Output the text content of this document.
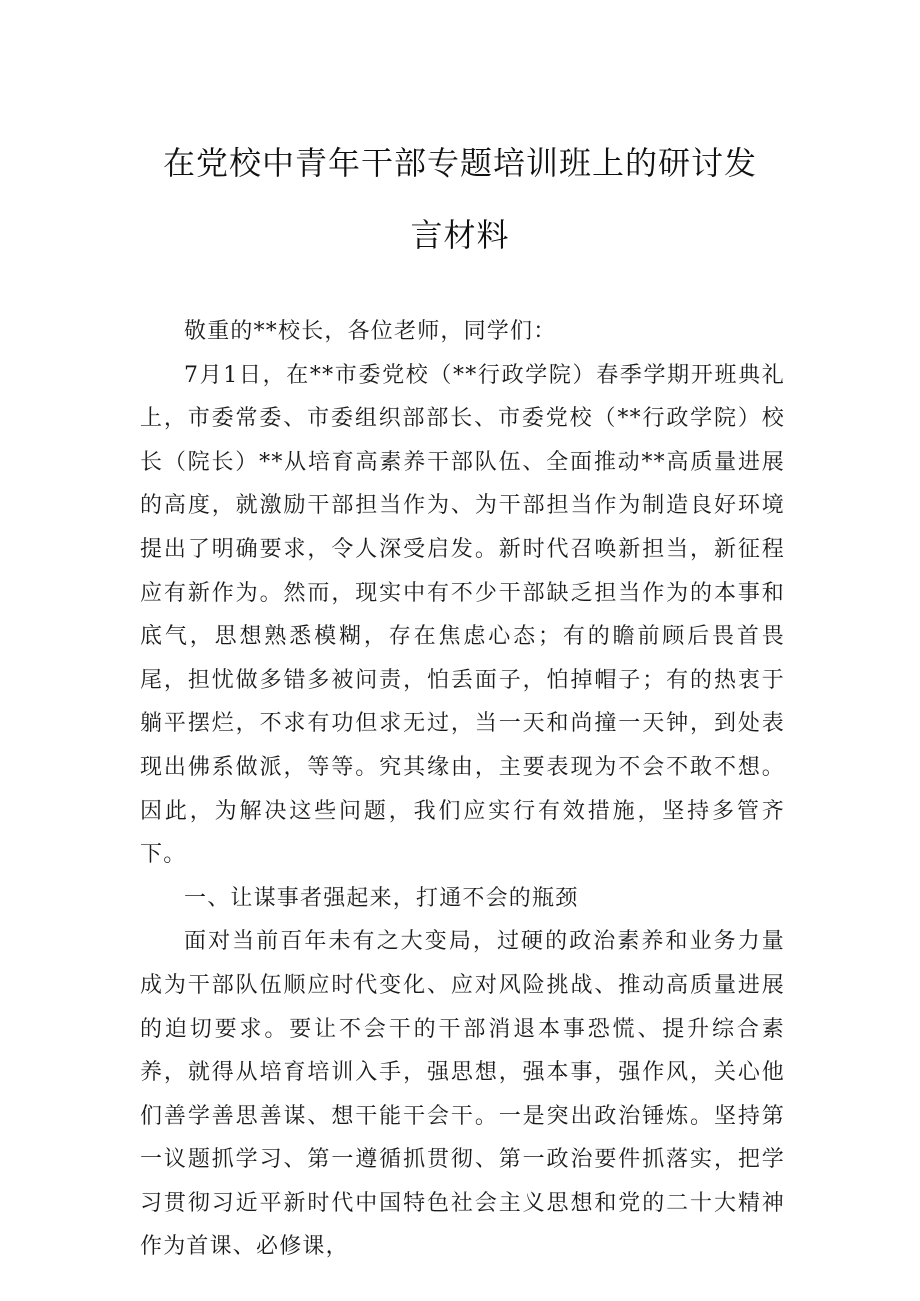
在党校中青年干部专题培训班上的研讨发
言材料

敬重的**校长，各位老师，同学们：

7月1日，在**市委党校（**行政学院）春季学期开班典礼上，市委常委、市委组织部部长、市委党校（**行政学院）校长（院长）**从培育高素养干部队伍、全面推动**高质量进展的高度，就激励干部担当作为、为干部担当作为制造良好环境提出了明确要求，令人深受启发。新时代召唤新担当，新征程应有新作为。然而，现实中有不少干部缺乏担当作为的本事和底气，思想熟悉模糊，存在焦虑心态；有的瞻前顾后畏首畏尾，担忧做多错多被问责，怕丢面子，怕掉帽子；有的热衷于躺平摆烂，不求有功但求无过，当一天和尚撞一天钟，到处表现出佛系做派，等等。究其缘由，主要表现为不会不敢不想。因此，为解决这些问题，我们应实行有效措施，坚持多管齐下。

一、让谋事者强起来，打通不会的瓶颈

面对当前百年未有之大变局，过硬的政治素养和业务力量成为干部队伍顺应时代变化、应对风险挑战、推动高质量进展的迫切要求。要让不会干的干部消退本事恐慌、提升综合素养，就得从培育培训入手，强思想，强本事，强作风，关心他们善学善思善谋、想干能干会干。一是突出政治锤炼。坚持第一议题抓学习、第一遵循抓贯彻、第一政治要件抓落实，把学习贯彻习近平新时代中国特色社会主义思想和党的二十大精神作为首课、必修课，
